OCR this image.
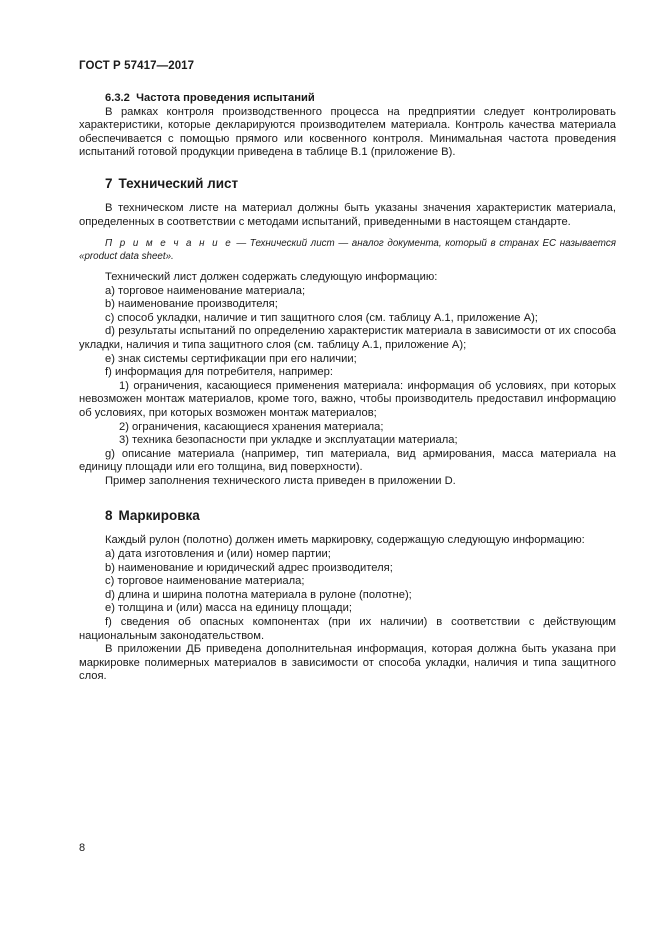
ГОСТ Р 57417—2017

6.3.2 Частота проведения испытаний

В рамках контроля производственного процесса на предприятии следует контролировать характеристики, которые декларируются производителем материала. Контроль качества материала обеспечивается с помощью прямого или косвенного контроля. Минимальная частота проведения испытаний готовой продукции приведена в таблице B.1 (приложение B).

7 Технический лист

В техническом листе на материал должны быть указаны значения характеристик материала, определенных в соответствии с методами испытаний, приведенными в настоящем стандарте.

П р и м е ч а н и е — Технический лист — аналог документа, который в странах ЕС называется «product data sheet».

Технический лист должен содержать следующую информацию:

a) торговое наименование материала;

b) наименование производителя;

c) способ укладки, наличие и тип защитного слоя (см. таблицу A.1, приложение A);

d) результаты испытаний по определению характеристик материала в зависимости от их способа укладки, наличия и типа защитного слоя (см. таблицу A.1, приложение A);

e) знак системы сертификации при его наличии;

f) информация для потребителя, например:

1) ограничения, касающиеся применения материала: информация об условиях, при которых невозможен монтаж материалов, кроме того, важно, чтобы производитель предоставил информацию об условиях, при которых возможен монтаж материалов;

2) ограничения, касающиеся хранения материала;

3) техника безопасности при укладке и эксплуатации материала;

g) описание материала (например, тип материала, вид армирования, масса материала на единицу площади или его толщина, вид поверхности).

Пример заполнения технического листа приведен в приложении D.

8 Маркировка

Каждый рулон (полотно) должен иметь маркировку, содержащую следующую информацию:

a) дата изготовления и (или) номер партии;

b) наименование и юридический адрес производителя;

c) торговое наименование материала;

d) длина и ширина полотна материала в рулоне (полотне);

e) толщина и (или) масса на единицу площади;

f) сведения об опасных компонентах (при их наличии) в соответствии с действующим национальным законодательством.

В приложении ДБ приведена дополнительная информация, которая должна быть указана при маркировке полимерных материалов в зависимости от способа укладки, наличия и типа защитного слоя.

8
